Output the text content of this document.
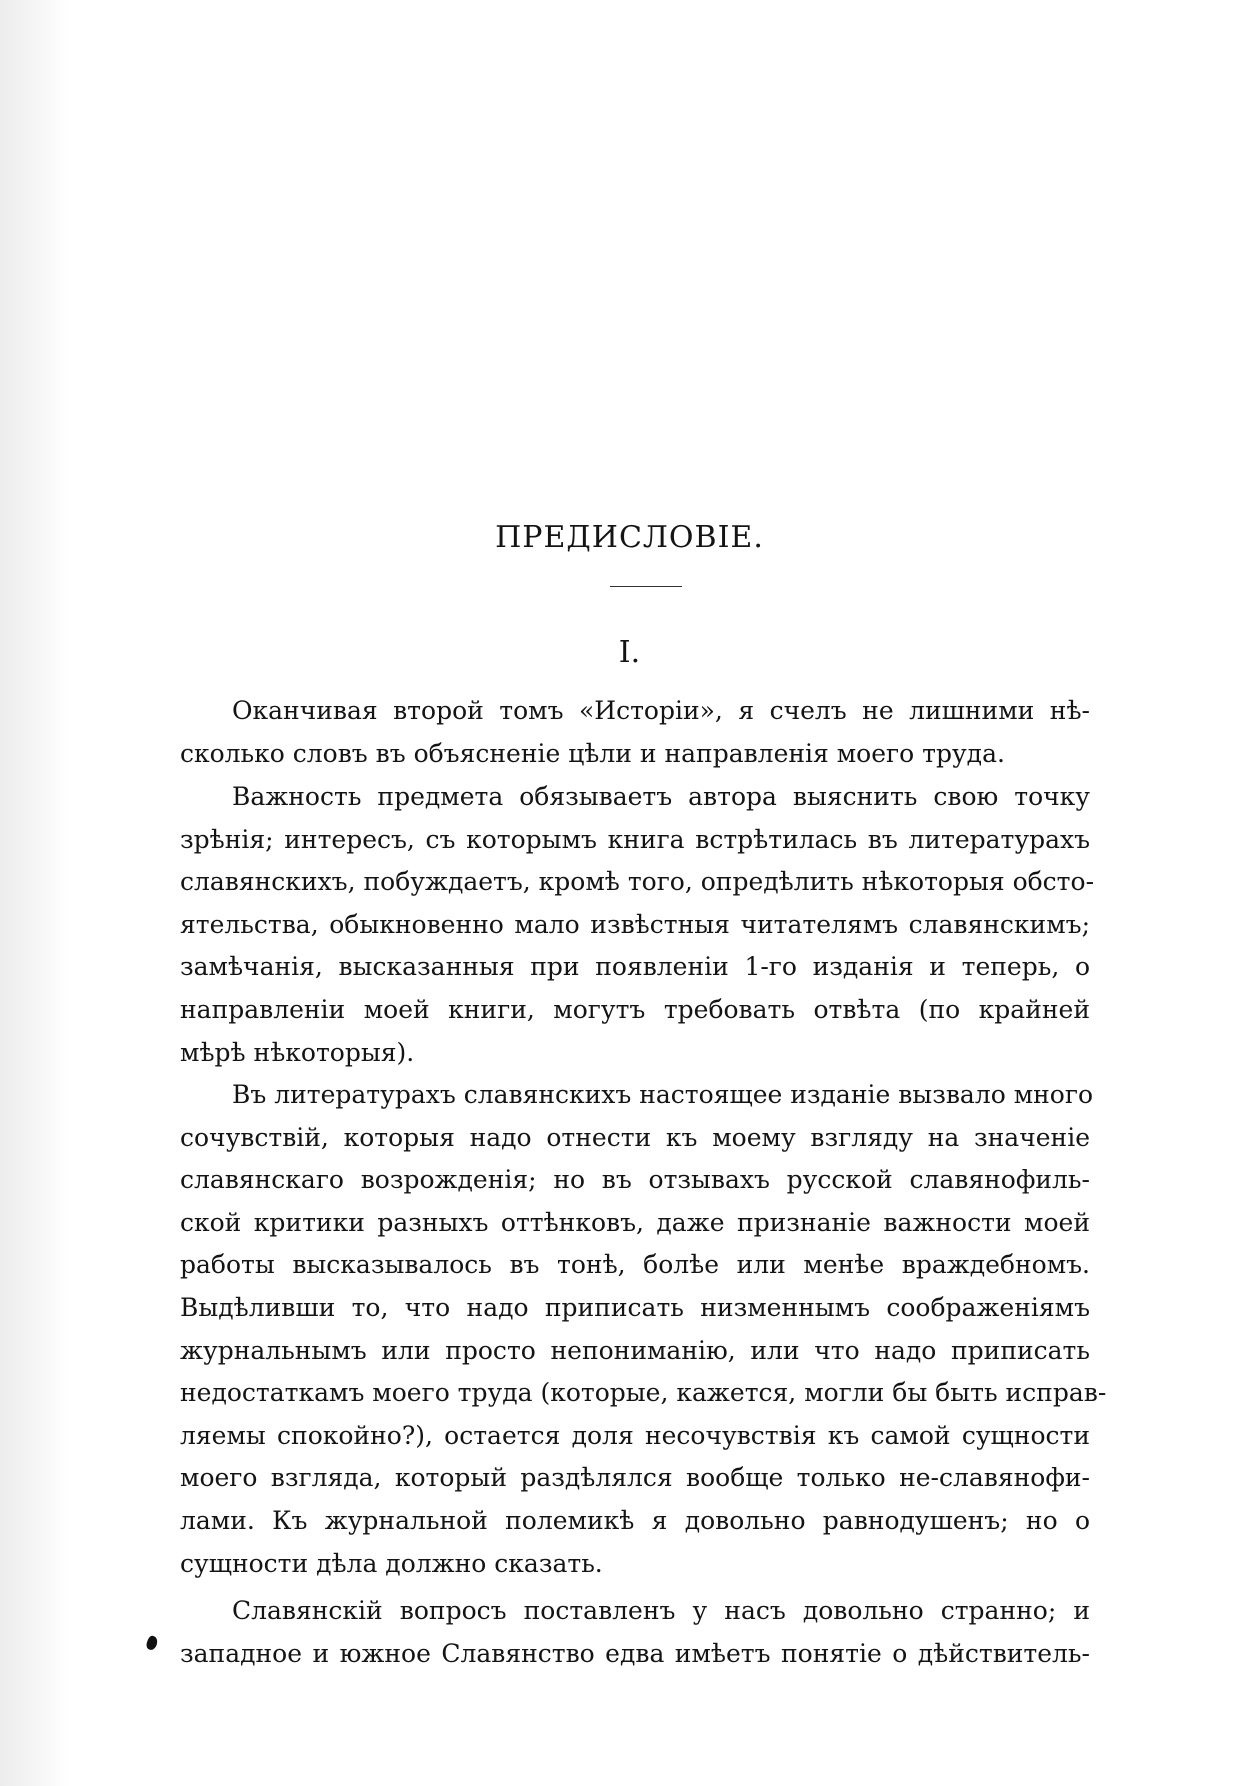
ПРЕДИСЛОВІЕ.
I.
Оканчивая второй томъ «Исторіи», я счелъ не лишними нѣ-
сколько словъ въ объясненіе цѣли и направленія моего труда.
Важность предмета обязываетъ автора выяснить свою точку
зрѣнія; интересъ, съ которымъ книга встрѣтилась въ литературахъ
славянскихъ, побуждаетъ, кромѣ того, опредѣлить нѣкоторыя обсто-
ятельства, обыкновенно мало извѣстныя читателямъ славянскимъ;
замѣчанія, высказанныя при появленіи 1-го изданія и теперь, о
направленіи моей книги, могутъ требовать отвѣта (по крайней
мѣрѣ нѣкоторыя).
Въ литературахъ славянскихъ настоящее изданіе вызвало много
сочувствій, которыя надо отнести къ моему взгляду на значеніе
славянскаго возрожденія; но въ отзывахъ русской славянофиль-
ской критики разныхъ оттѣнковъ, даже признаніе важности моей
работы высказывалось въ тонѣ, болѣе или менѣе враждебномъ.
Выдѣливши то, что надо приписать низменнымъ соображеніямъ
журнальнымъ или просто непониманію, или что надо приписать
недостаткамъ моего труда (которые, кажется, могли бы быть исправ-
ляемы спокойно?), остается доля несочувствія къ самой сущности
моего взгляда, который раздѣлялся вообще только не-славянофи-
лами. Къ журнальной полемикѣ я довольно равнодушенъ; но о
сущности дѣла должно сказать.
Славянскій вопросъ поставленъ у насъ довольно странно; и
западное и южное Славянство едва имѣетъ понятіе о дѣйствитель-
